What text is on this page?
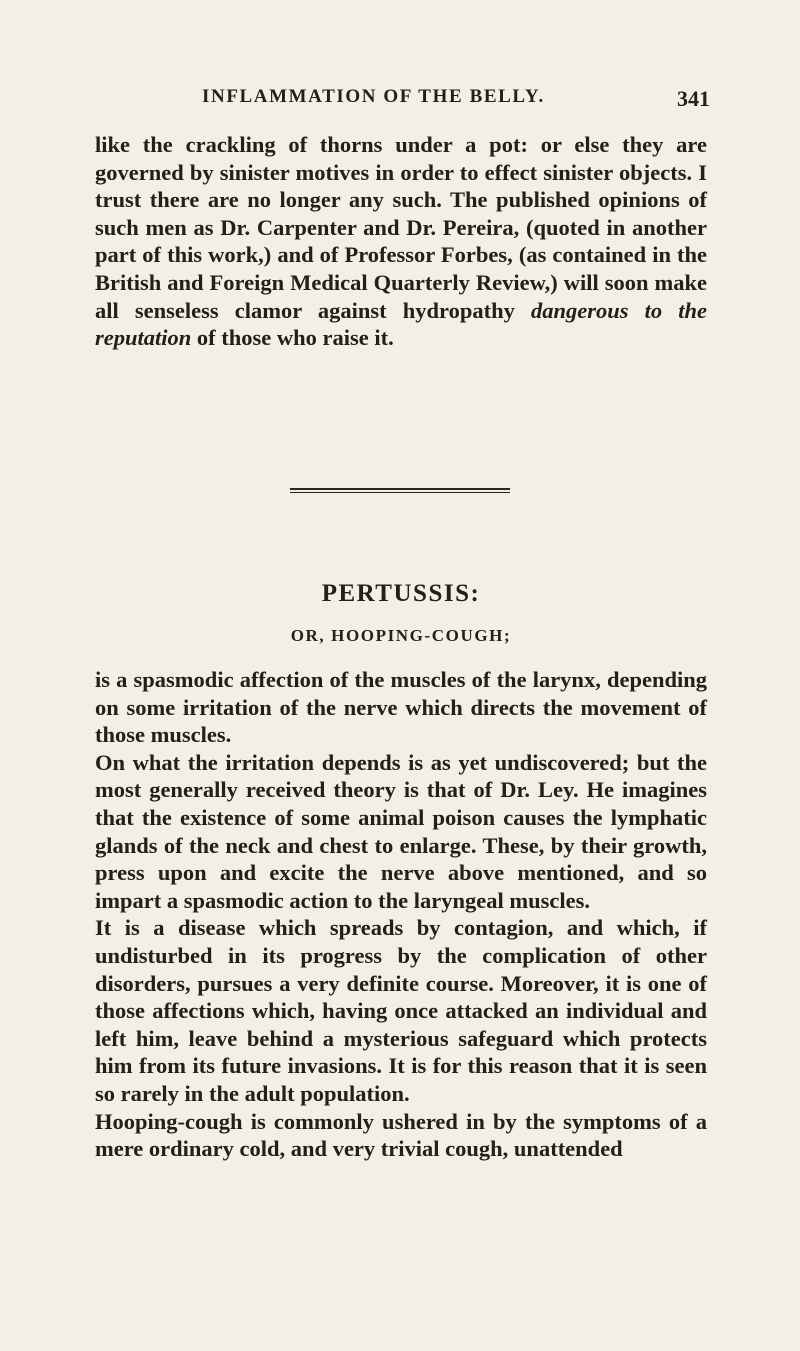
INFLAMMATION OF THE BELLY.	341

like the crackling of thorns under a pot: or else they are governed by sinister motives in order to effect sinister objects. I trust there are no longer any such. The published opinions of such men as Dr. Carpenter and Dr. Pereira, (quoted in another part of this work,) and of Professor Forbes, (as contained in the British and Foreign Medical Quarterly Review,) will soon make all senseless clamor against hydropathy dangerous to the reputation of those who raise it.

PERTUSSIS:
OR, HOOPING-COUGH;

is a spasmodic affection of the muscles of the larynx, depending on some irritation of the nerve which directs the movement of those muscles.

On what the irritation depends is as yet undiscovered; but the most generally received theory is that of Dr. Ley. He imagines that the existence of some animal poison causes the lymphatic glands of the neck and chest to enlarge. These, by their growth, press upon and excite the nerve above mentioned, and so impart a spasmodic action to the laryngeal muscles.

It is a disease which spreads by contagion, and which, if undisturbed in its progress by the complication of other disorders, pursues a very definite course. Moreover, it is one of those affections which, having once attacked an individual and left him, leave behind a mysterious safeguard which protects him from its future invasions. It is for this reason that it is seen so rarely in the adult population.

Hooping-cough is commonly ushered in by the symptoms of a mere ordinary cold, and very trivial cough, unattended
